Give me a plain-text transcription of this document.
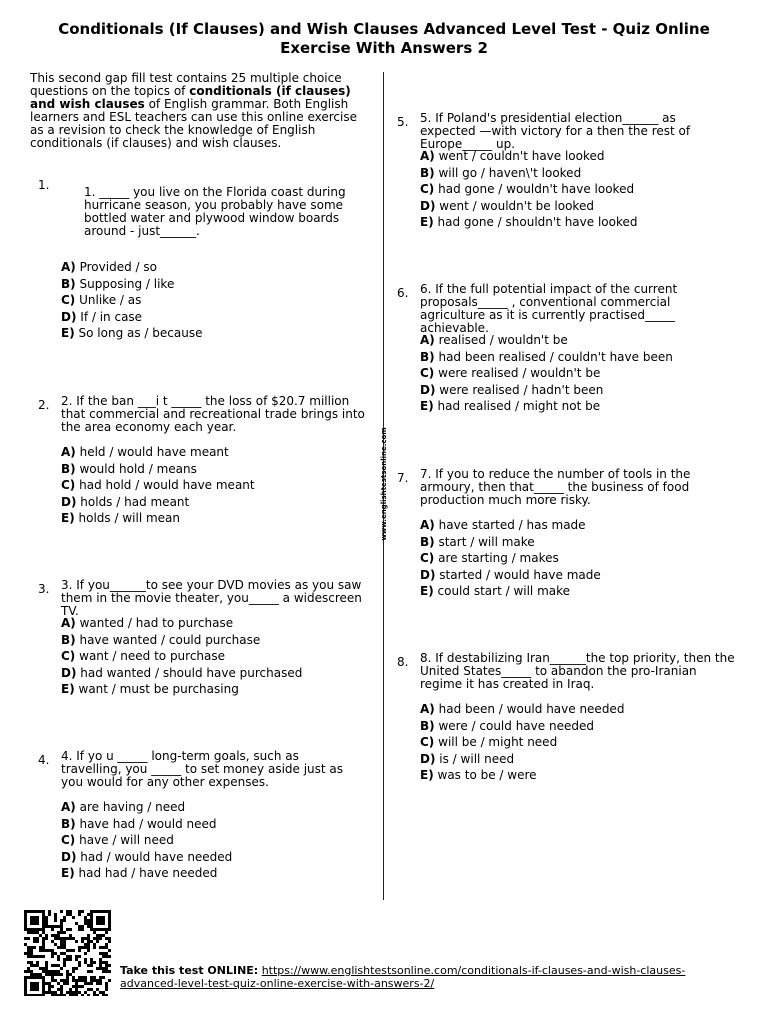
Conditionals (If Clauses) and Wish Clauses Advanced Level Test - Quiz Online Exercise With Answers 2
This second gap fill test contains 25 multiple choice questions on the topics of conditionals (if clauses) and wish clauses of English grammar. Both English learners and ESL teachers can use this online exercise as a revision to check the knowledge of English conditionals (if clauses) and wish clauses.
www.englishtestsonline.com
1.	1. _____ you live on the Florida coast during hurricane season, you probably have some bottled water and plywood window boards around - just______.
A) Provided / so
B) Supposing / like
C) Unlike / as
D) If / in case
E) So long as / because
2. 2. If the ban ___i t _____ the loss of $20.7 million that commercial and recreational trade brings into the area economy each year.
A) held / would have meant
B) would hold / means
C) had hold / would have meant
D) holds / had meant
E) holds / will mean
3. 3. If you______to see your DVD movies as you saw them in the movie theater, you_____ a widescreen TV.
A) wanted / had to purchase
B) have wanted / could purchase
C) want / need to purchase
D) had wanted / should have purchased
E) want / must be purchasing
4. 4. If yo u _____ long-term goals, such as travelling, you _____ to set money aside just as you would for any other expenses.
A) are having / need
B) have had / would need
C) have / will need
D) had / would have needed
E) had had / have needed
5. 5. If Poland's presidential election______ as expected —with victory for a then the rest of Europe_____ up.
A) went / couldn't have looked
B) will go / haven\'t looked
C) had gone / wouldn't have looked
D) went / wouldn't be looked
E) had gone / shouldn't have looked
6. 6. If the full potential impact of the current proposals_____ , conventional commercial agriculture as it is currently practised_____ achievable.
A) realised / wouldn't be
B) had been realised / couldn't have been
C) were realised / wouldn't be
D) were realised / hadn't been
E) had realised / might not be
7. 7. If you to reduce the number of tools in the armoury, then that_____ the business of food production much more risky.
A) have started / has made
B) start / will make
C) are starting / makes
D) started / would have made
E) could start / will make
8. 8. If destabilizing Iran______the top priority, then the United States_____ to abandon the pro-Iranian regime it has created in Iraq.
A) had been / would have needed
B) were / could have needed
C) will be / might need
D) is / will need
E) was to be / were
Take this test ONLINE: https://www.englishtestsonline.com/conditionals-if-clauses-and-wish-clauses-advanced-level-test-quiz-online-exercise-with-answers-2/
